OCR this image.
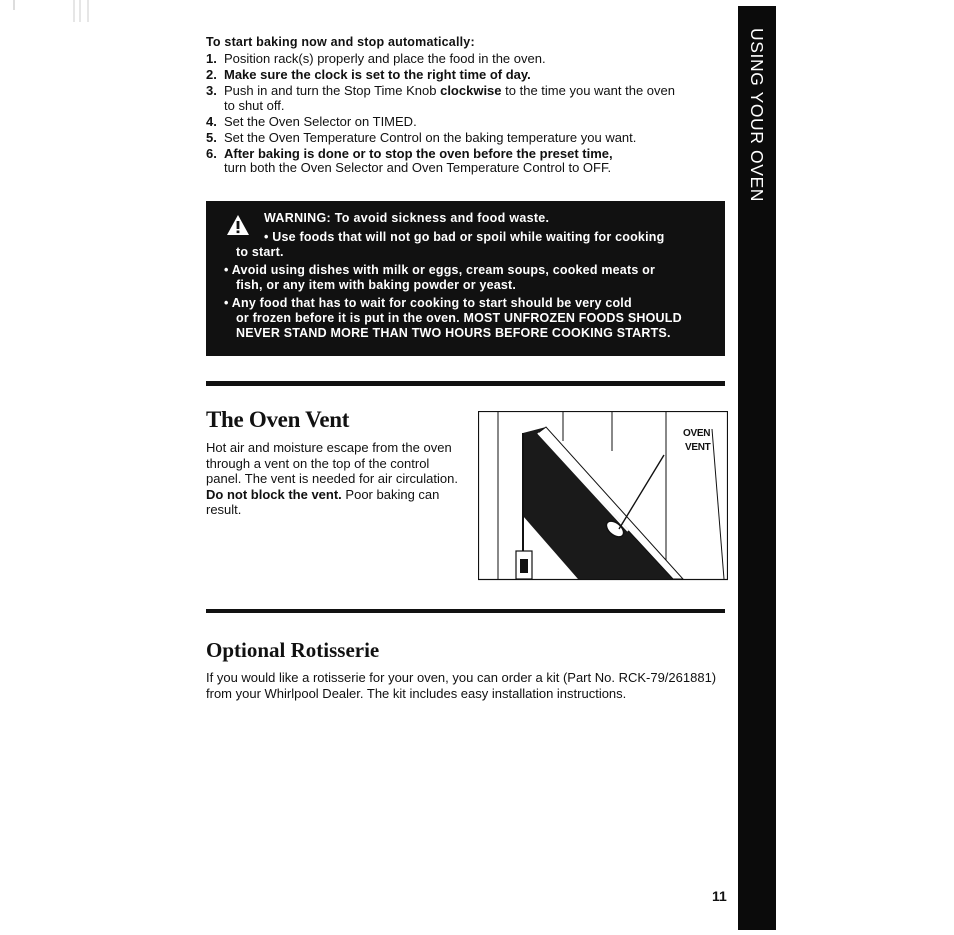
USING YOUR OVEN
To start baking now and stop automatically:
1. Position rack(s) properly and place the food in the oven.
2. Make sure the clock is set to the right time of day.
3. Push in and turn the Stop Time Knob clockwise to the time you want the oven
to shut off.
4. Set the Oven Selector on TIMED.
5. Set the Oven Temperature Control on the baking temperature you want.
6. After baking is done or to stop the oven before the preset time,
turn both the Oven Selector and Oven Temperature Control to OFF.
WARNING: To avoid sickness and food waste.
• Use foods that will not go bad or spoil while waiting for cooking
to start.
• Avoid using dishes with milk or eggs, cream soups, cooked meats or
fish, or any item with baking powder or yeast.
• Any food that has to wait for cooking to start should be very cold
or frozen before it is put in the oven. MOST UNFROZEN FOODS SHOULD
NEVER STAND MORE THAN TWO HOURS BEFORE COOKING STARTS.
The Oven Vent
Hot air and moisture escape from the oven through a vent on the top of the control panel. The vent is needed for air circulation. Do not block the vent. Poor baking can result.
OVEN
VENT
Optional Rotisserie
If you would like a rotisserie for your oven, you can order a kit (Part No. RCK-79/261881) from your Whirlpool Dealer. The kit includes easy installation instructions.
11
